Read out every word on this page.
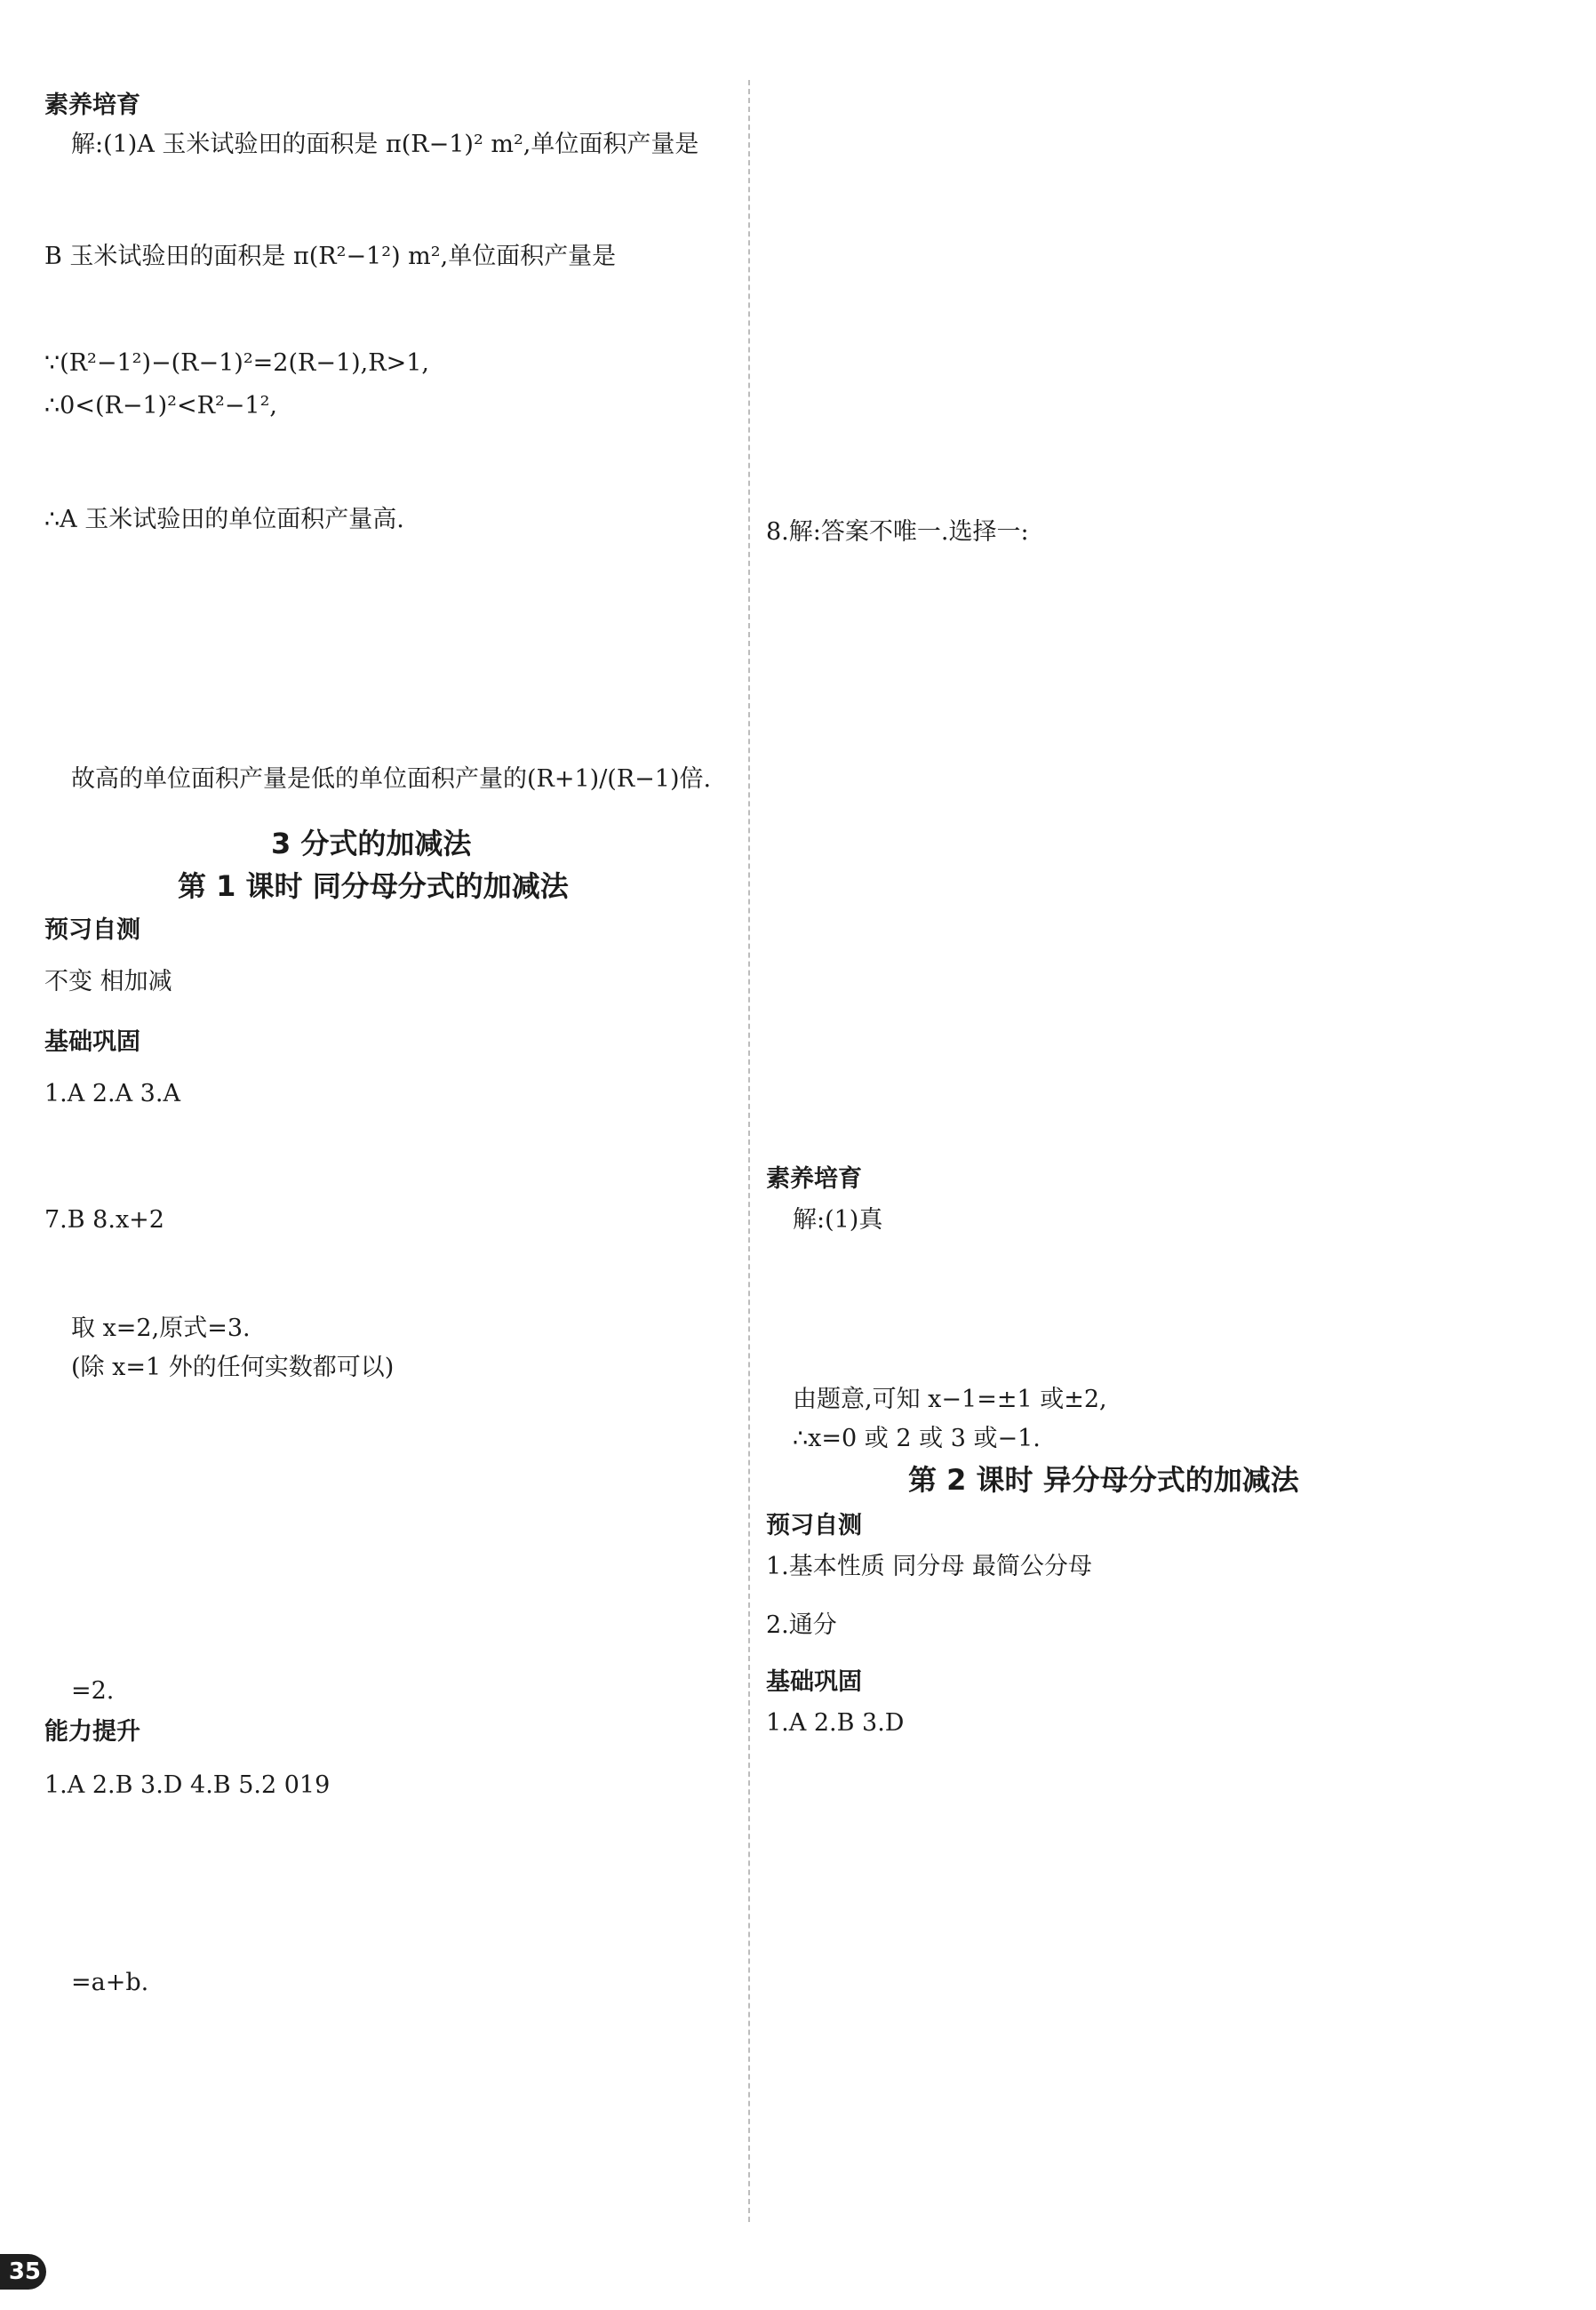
素养培育
解:(1)A 玉米试验田的面积是 π(R−1)² m²,单位面积产量是
B 玉米试验田的面积是 π(R²−1²) m²,单位面积产量是
∵(R²−1²)−(R−1)²=2(R−1),R>1,
∴0<(R−1)²<R²−1²,
∴A 玉米试验田的单位面积产量高.
故高的单位面积产量是低的单位面积产量的(R+1)/(R−1)倍.
3 分式的加减法
第 1 课时 同分母分式的加减法
预习自测
不变 相加减
基础巩固
1.A 2.A 3.A
7.B 8.x+2
取 x=2,原式=3.
(除 x=1 外的任何实数都可以)
=2.
能力提升
1.A 2.B 3.D 4.B 5.2 019
=a+b.
8.解:答案不唯一.选择一:
素养培育
解:(1)真
由题意,可知 x−1=±1 或±2,
∴x=0 或 2 或 3 或−1.
第 2 课时 异分母分式的加减法
预习自测
1.基本性质 同分母 最简公分母
2.通分
基础巩固
1.A 2.B 3.D
35
